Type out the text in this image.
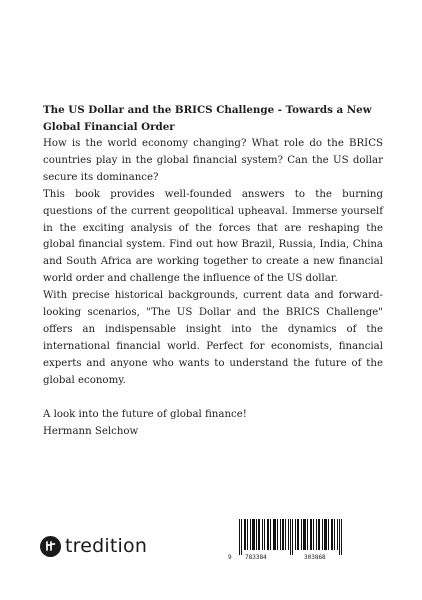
The US Dollar and the BRICS Challenge - Towards a New Global Financial Order

How is the world economy changing? What role do the BRICS countries play in the global financial system? Can the US dollar secure its dominance?

This book provides well-founded answers to the burning questions of the current geopolitical upheaval. Immerse yourself in the exciting analysis of the forces that are reshaping the global financial system. Find out how Brazil, Russia, India, China and South Africa are working together to create a new financial world order and challenge the influence of the US dollar.

With precise historical backgrounds, current data and forward-looking scenarios, "The US Dollar and the BRICS Challenge" offers an indispensable insight into the dynamics of the international financial world. Perfect for economists, financial experts and anyone who wants to understand the future of the global economy.

A look into the future of global finance!

Hermann Selchow

9 783384	303868
tredition
